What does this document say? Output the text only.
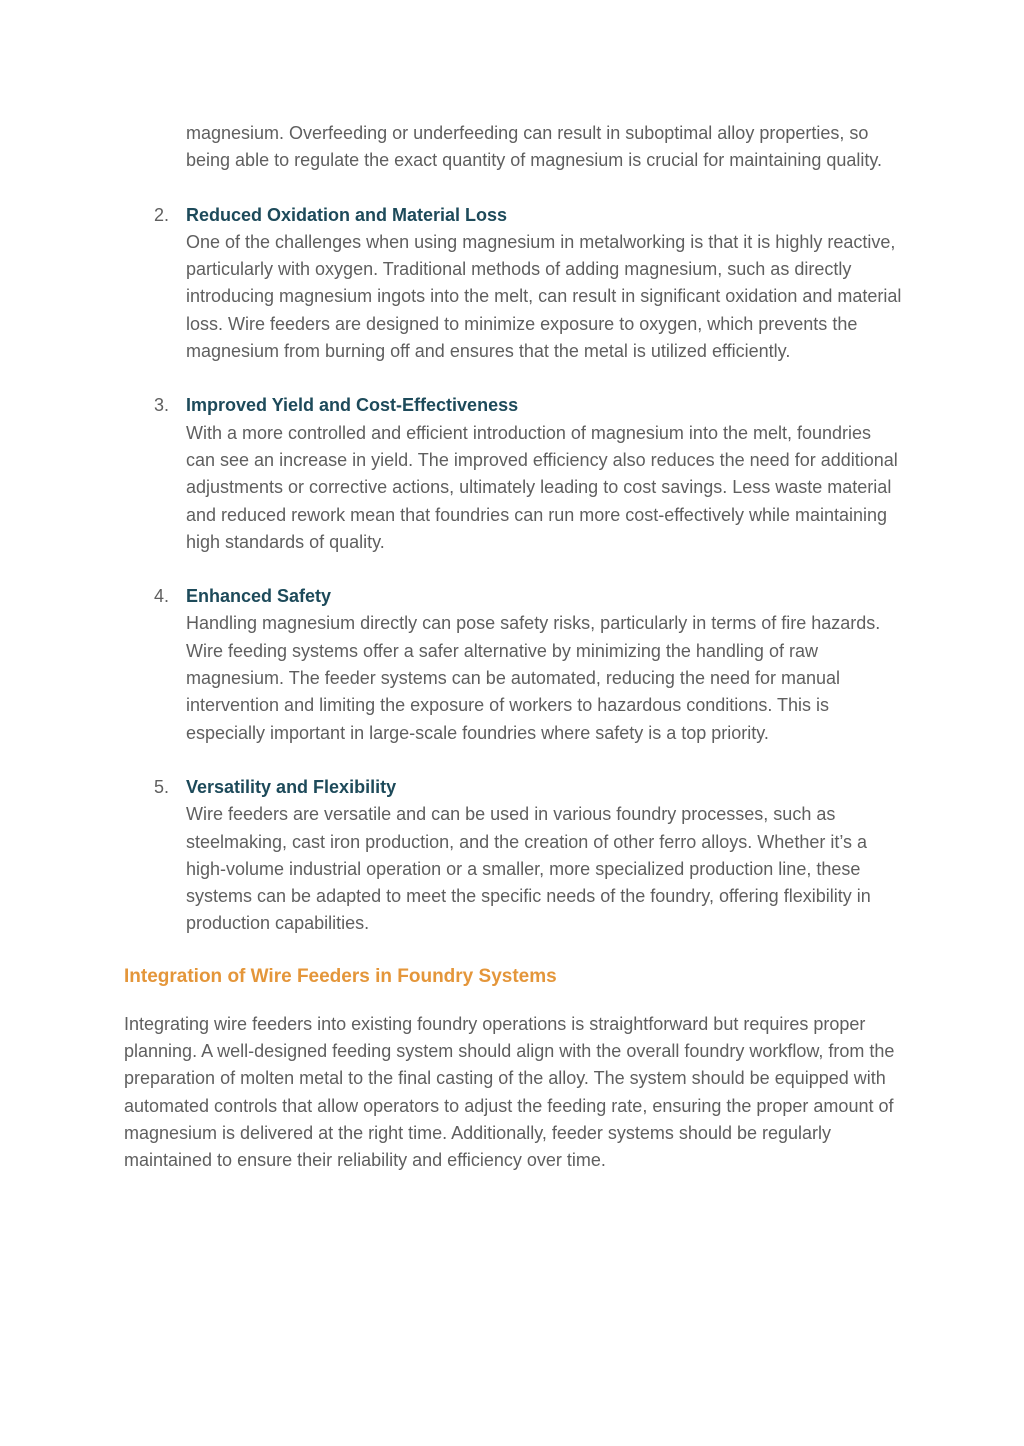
magnesium. Overfeeding or underfeeding can result in suboptimal alloy properties, so being able to regulate the exact quantity of magnesium is crucial for maintaining quality.

2. Reduced Oxidation and Material Loss
One of the challenges when using magnesium in metalworking is that it is highly reactive, particularly with oxygen. Traditional methods of adding magnesium, such as directly introducing magnesium ingots into the melt, can result in significant oxidation and material loss. Wire feeders are designed to minimize exposure to oxygen, which prevents the magnesium from burning off and ensures that the metal is utilized efficiently.
3. Improved Yield and Cost-Effectiveness
With a more controlled and efficient introduction of magnesium into the melt, foundries can see an increase in yield. The improved efficiency also reduces the need for additional adjustments or corrective actions, ultimately leading to cost savings. Less waste material and reduced rework mean that foundries can run more cost-effectively while maintaining high standards of quality.
4. Enhanced Safety
Handling magnesium directly can pose safety risks, particularly in terms of fire hazards. Wire feeding systems offer a safer alternative by minimizing the handling of raw magnesium. The feeder systems can be automated, reducing the need for manual intervention and limiting the exposure of workers to hazardous conditions. This is especially important in large-scale foundries where safety is a top priority.
5. Versatility and Flexibility
Wire feeders are versatile and can be used in various foundry processes, such as steelmaking, cast iron production, and the creation of other ferro alloys. Whether it’s a high-volume industrial operation or a smaller, more specialized production line, these systems can be adapted to meet the specific needs of the foundry, offering flexibility in production capabilities.
Integration of Wire Feeders in Foundry Systems

Integrating wire feeders into existing foundry operations is straightforward but requires proper planning. A well-designed feeding system should align with the overall foundry workflow, from the preparation of molten metal to the final casting of the alloy. The system should be equipped with automated controls that allow operators to adjust the feeding rate, ensuring the proper amount of magnesium is delivered at the right time. Additionally, feeder systems should be regularly maintained to ensure their reliability and efficiency over time.
